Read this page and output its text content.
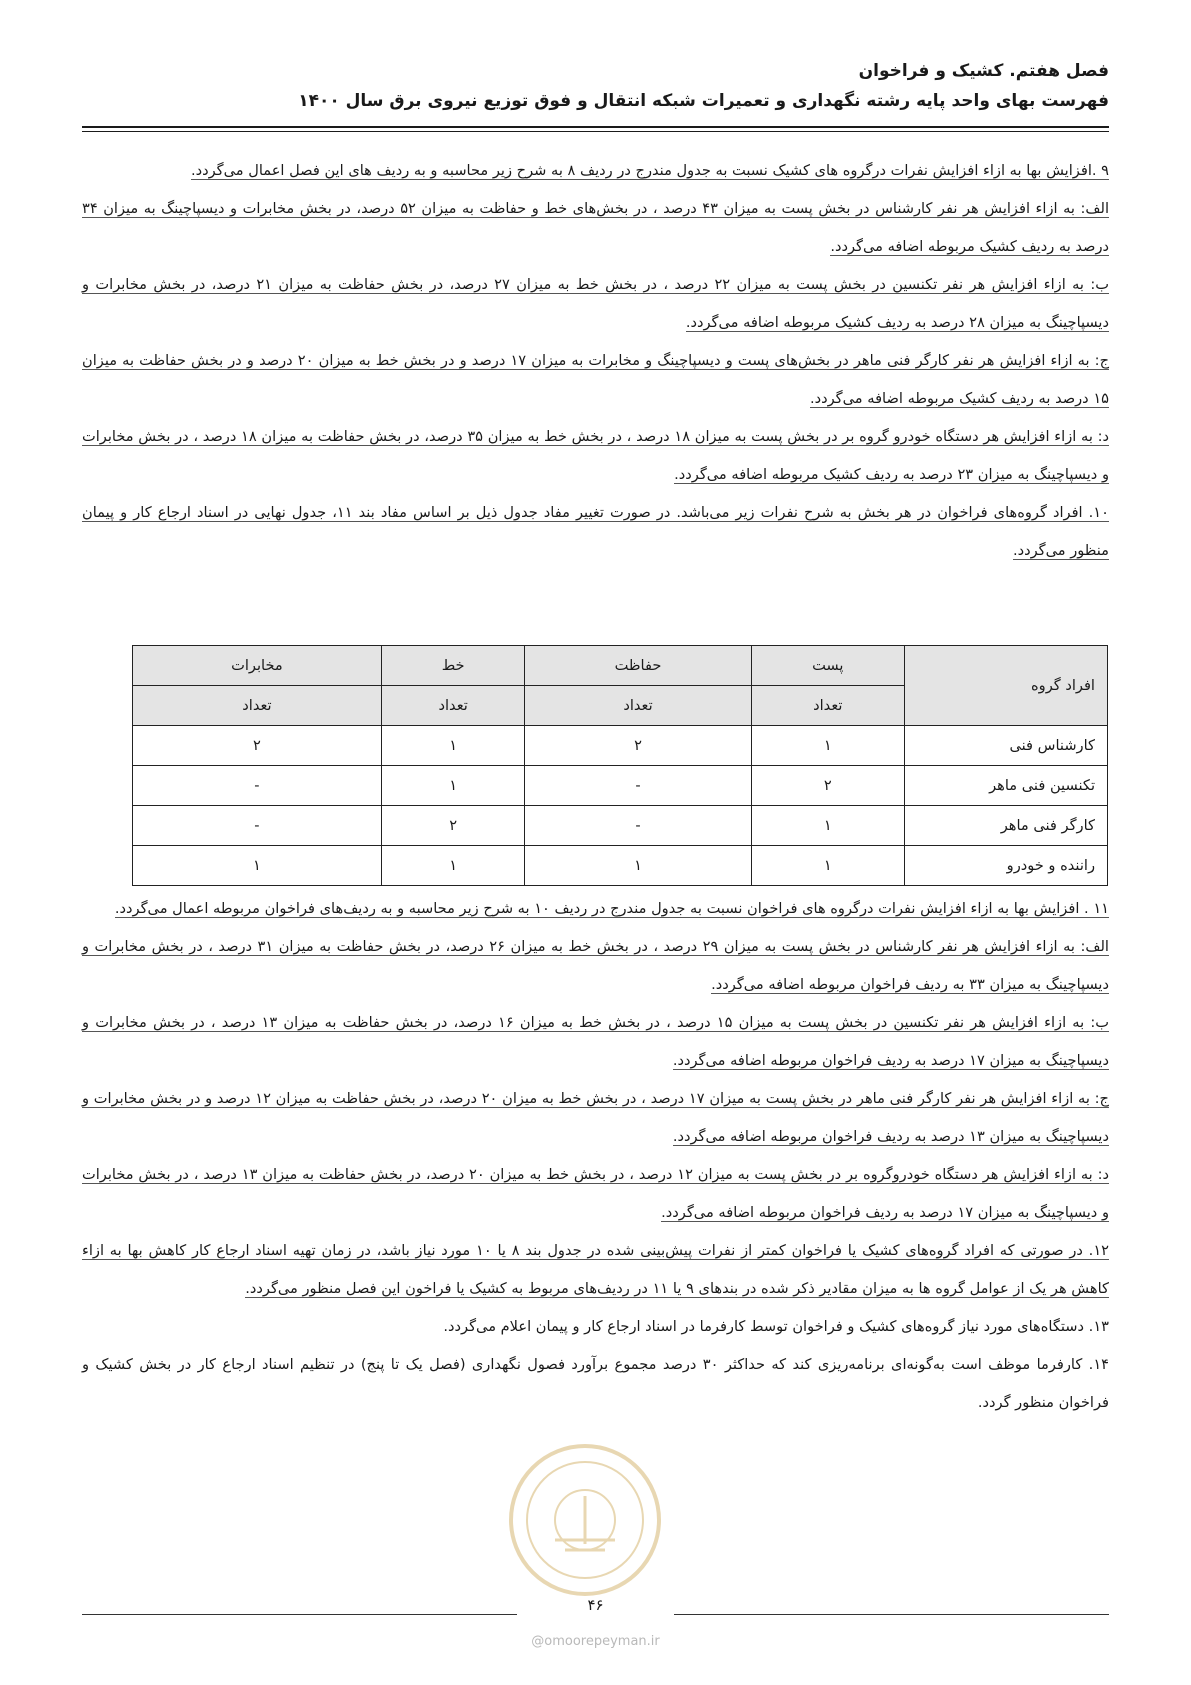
فصل هفتم. کشیک و فراخوان
فهرست بهای واحد پایه رشته نگهداری و تعمیرات شبکه انتقال و فوق توزیع نیروی برق سال ۱۴۰۰

۹ .افزایش بها به ازاء افزایش نفرات درگروه های کشیک نسبت به جدول مندرج در ردیف ۸ به شرح زیر محاسبه و به ردیف های این فصل اعمال می‌گردد.

الف: به ازاء افزایش هر نفر کارشناس در بخش پست به میزان ۴۳ درصد ، در بخش‌های خط و حفاظت به میزان ۵۲ درصد، در بخش مخابرات و دیسپاچینگ به میزان ۳۴ درصد به ردیف کشیک مربوطه اضافه می‌گردد.

ب: به ازاء افزایش هر نفر تکنسین در بخش پست به میزان ۲۲ درصد ، در بخش خط به میزان ۲۷ درصد، در بخش حفاظت به میزان ۲۱ درصد، در بخش مخابرات و دیسپاچینگ به میزان ۲۸ درصد به ردیف کشیک مربوطه اضافه می‌گردد.

ج: به ازاء افزایش هر نفر کارگر فنی ماهر در بخش‌های پست و دیسپاچینگ و مخابرات به میزان ۱۷ درصد و در بخش خط به میزان ۲۰ درصد و در بخش حفاظت به میزان ۱۵ درصد به ردیف کشیک مربوطه اضافه می‌گردد.

د: به ازاء افزایش هر دستگاه خودرو گروه بر در بخش پست به میزان ۱۸ درصد ، در بخش خط به میزان ۳۵ درصد، در بخش حفاظت به میزان ۱۸ درصد ، در بخش مخابرات و دیسپاچینگ به میزان ۲۳ درصد به ردیف کشیک مربوطه اضافه می‌گردد.

۱۰. افراد گروه‌های فراخوان در هر بخش به شرح نفرات زیر می‌باشد. در صورت تغییر مفاد جدول ذیل بر اساس مفاد بند ۱۱، جدول نهایی در اسناد ارجاع کار و پیمان منظور می‌گردد.

افراد گروه	پست	حفاظت	خط	مخابرات
	تعداد	تعداد	تعداد	تعداد
کارشناس فنی	۱	۲	۱	۲
تکنسین فنی ماهر	۲	-	۱	-
کارگر فنی ماهر	۱	-	۲	-
راننده و خودرو	۱	۱	۱	۱

۱۱ . افزایش بها به ازاء افزایش نفرات درگروه های فراخوان نسبت به جدول مندرج در ردیف ۱۰ به شرح زیر محاسبه و به ردیف‌های فراخوان مربوطه اعمال می‌گردد.

الف: به ازاء افزایش هر نفر کارشناس در بخش پست به میزان ۲۹ درصد ، در بخش خط به میزان ۲۶ درصد، در بخش حفاظت به میزان ۳۱ درصد ، در بخش مخابرات و دیسپاچینگ به میزان ۳۳ به ردیف فراخوان مربوطه اضافه می‌گردد.

ب: به ازاء افزایش هر نفر تکنسین در بخش پست به میزان ۱۵ درصد ، در بخش خط به میزان ۱۶ درصد، در بخش حفاظت به میزان ۱۳ درصد ، در بخش مخابرات و دیسپاچینگ به میزان ۱۷ درصد به ردیف فراخوان مربوطه اضافه می‌گردد.

ج: به ازاء افزایش هر نفر کارگر فنی ماهر در بخش پست به میزان ۱۷ درصد ، در بخش خط به میزان ۲۰ درصد، در بخش حفاظت به میزان ۱۲ درصد و در بخش مخابرات و دیسپاچینگ به میزان ۱۳ درصد به ردیف فراخوان مربوطه اضافه می‌گردد.

د: به ازاء افزایش هر دستگاه خودروگروه بر در بخش پست به میزان ۱۲ درصد ، در بخش خط به میزان ۲۰ درصد، در بخش حفاظت به میزان ۱۳ درصد ، در بخش مخابرات و دیسپاچینگ به میزان ۱۷ درصد به ردیف فراخوان مربوطه اضافه می‌گردد.

۱۲. در صورتی که افراد گروه‌های کشیک یا فراخوان کمتر از نفرات پیش‌بینی شده در جدول بند ۸ یا ۱۰ مورد نیاز باشد، در زمان تهیه اسناد ارجاع کار کاهش بها به ازاء کاهش هر یک از عوامل گروه ها به میزان مقادیر ذکر شده در بندهای ۹ یا ۱۱ در ردیف‌های مربوط به کشیک یا فراخون این فصل منظور می‌گردد.

۱۳. دستگاه‌های مورد نیاز گروه‌های کشیک و فراخوان توسط کارفرما در اسناد ارجاع کار و پیمان اعلام می‌گردد.

۱۴. کارفرما موظف است به‌گونه‌ای برنامه‌ریزی کند که حداکثر ۳۰ درصد مجموع برآورد فصول نگهداری (فصل یک تا پنج) در تنظیم اسناد ارجاع کار در بخش کشیک و فراخوان منظور گردد.

۴۶
@omoorepeyman.ir
